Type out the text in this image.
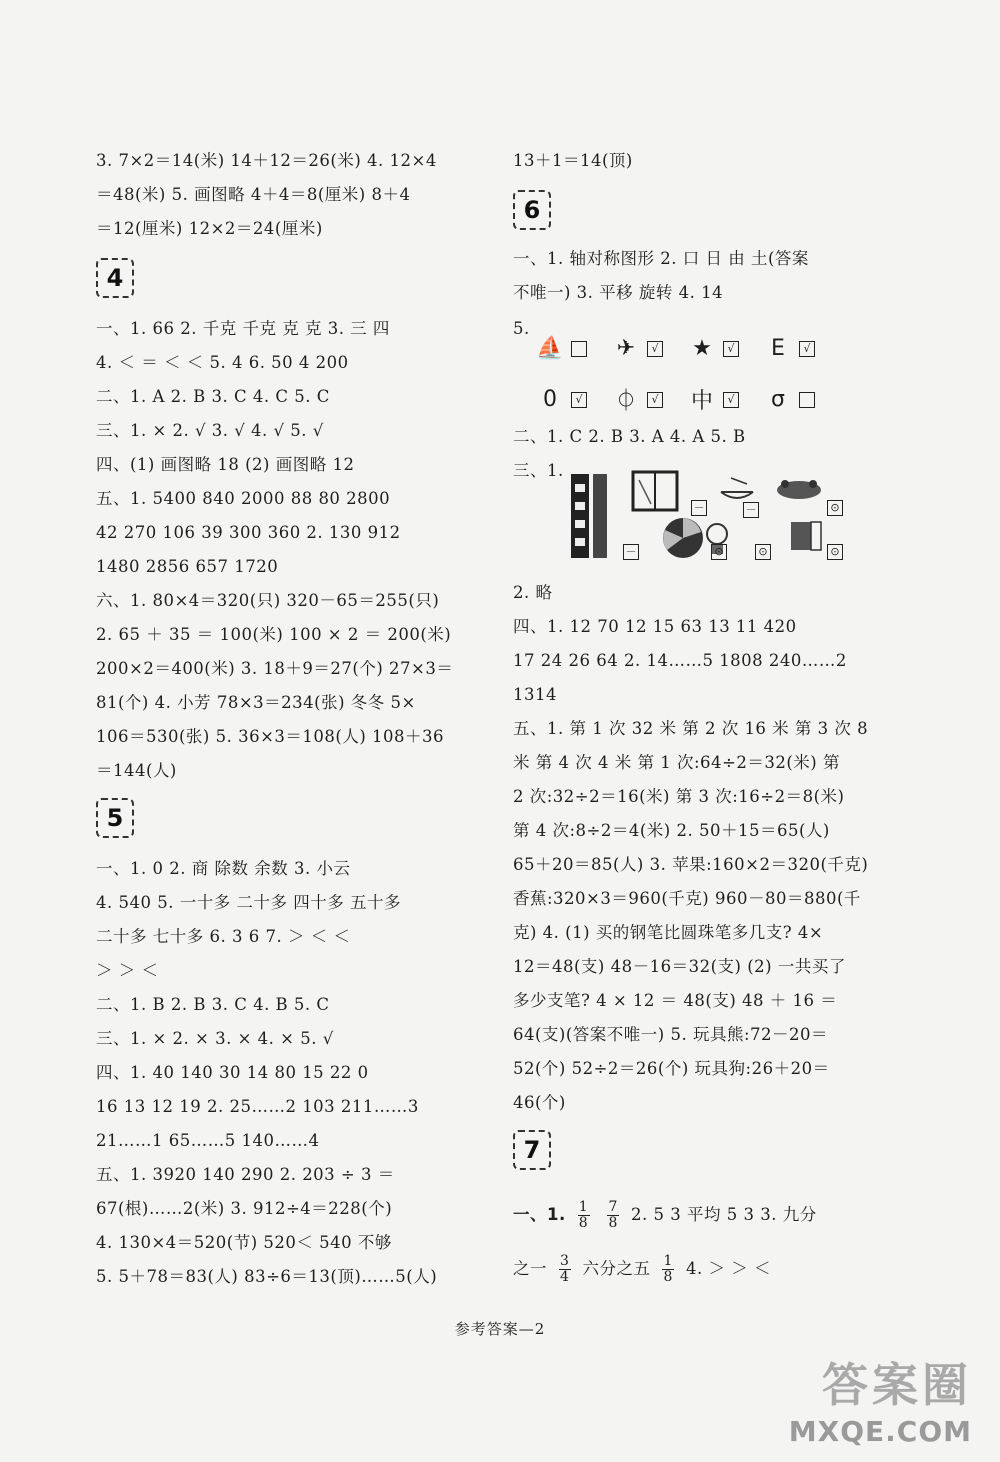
3. 7×2＝14(米) 14＋12＝26(米) 4. 12×4
＝48(米) 5. 画图略 4＋4＝8(厘米) 8＋4
＝12(厘米) 12×2＝24(厘米)
4
一、1. 66 2. 千克 千克 克 克 3. 三 四
4. ＜ ＝ ＜ ＜ 5. 4 6. 50 4 200
二、1. A 2. B 3. C 4. C 5. C
三、1. × 2. √ 3. √ 4. √ 5. √
四、(1) 画图略 18 (2) 画图略 12
五、1. 5400 840 2000 88 80 2800
42 270 106 39 300 360 2. 130 912
1480 2856 657 1720
六、1. 80×4＝320(只) 320－65＝255(只)
2. 65 ＋ 35 ＝ 100(米) 100 × 2 ＝ 200(米)
200×2＝400(米) 3. 18＋9＝27(个) 27×3＝
81(个) 4. 小芳 78×3＝234(张) 冬冬 5×
106＝530(张) 5. 36×3＝108(人) 108＋36
＝144(人)
5
一、1. 0 2. 商 除数 余数 3. 小云
4. 540 5. 一十多 二十多 四十多 五十多
二十多 七十多 6. 3 6 7. ＞ ＜ ＜
＞ ＞ ＜
二、1. B 2. B 3. C 4. B 5. C
三、1. × 2. × 3. × 4. × 5. √
四、1. 40 140 30 14 80 15 22 0
16 13 12 19 2. 25……2 103 211……3
21……1 65……5 140……4
五、1. 3920 140 290 2. 203 ÷ 3 ＝
67(根)……2(米) 3. 912÷4＝228(个)
4. 130×4＝520(节) 520＜ 540 不够
5. 5＋78＝83(人) 83÷6＝13(顶)……5(人)
13＋1＝14(顶)
6
一、1. 轴对称图形 2. 口 日 由 土(答案
不唯一) 3. 平移 旋转 4. 14
5.
⛵	✈	√	★	√	E	√
0	√ ⏀	√ 中	√	σ
二、1. C 2. B 3. A 4. A 5. B
三、1.
－
－	－
⊙
⊙
⊙	⊙
2. 略
四、1. 12 70 12 15 63 13 11 420
17 24 26 64 2. 14……5 1808 240……2
1314
五、1. 第 1 次 32 米 第 2 次 16 米 第 3 次 8
米 第 4 次 4 米 第 1 次:64÷2＝32(米) 第
2 次:32÷2＝16(米) 第 3 次:16÷2＝8(米)
第 4 次:8÷2＝4(米) 2. 50＋15＝65(人)
65＋20＝85(人) 3. 苹果:160×2＝320(千克)
香蕉:320×3＝960(千克) 960－80＝880(千
克) 4. (1) 买的钢笔比圆珠笔多几支? 4×
12＝48(支) 48－16＝32(支) (2) 一共买了
多少支笔? 4 × 12 ＝ 48(支) 48 ＋ 16 ＝
64(支)(答案不唯一) 5. 玩具熊:72－20＝
52(个) 52÷2＝26(个) 玩具狗:26＋20＝
46(个)
7
一、1. $\frac{1}{8}$
$\frac{7}{8} 2$. 5 3 平均 5 3 3. 九分
之一 $\frac{3}{4}$ 六分之五 $\frac{1}{8} 4$. ＞ ＞ ＜
参考答案—2
答案圈
MXQE.COM
